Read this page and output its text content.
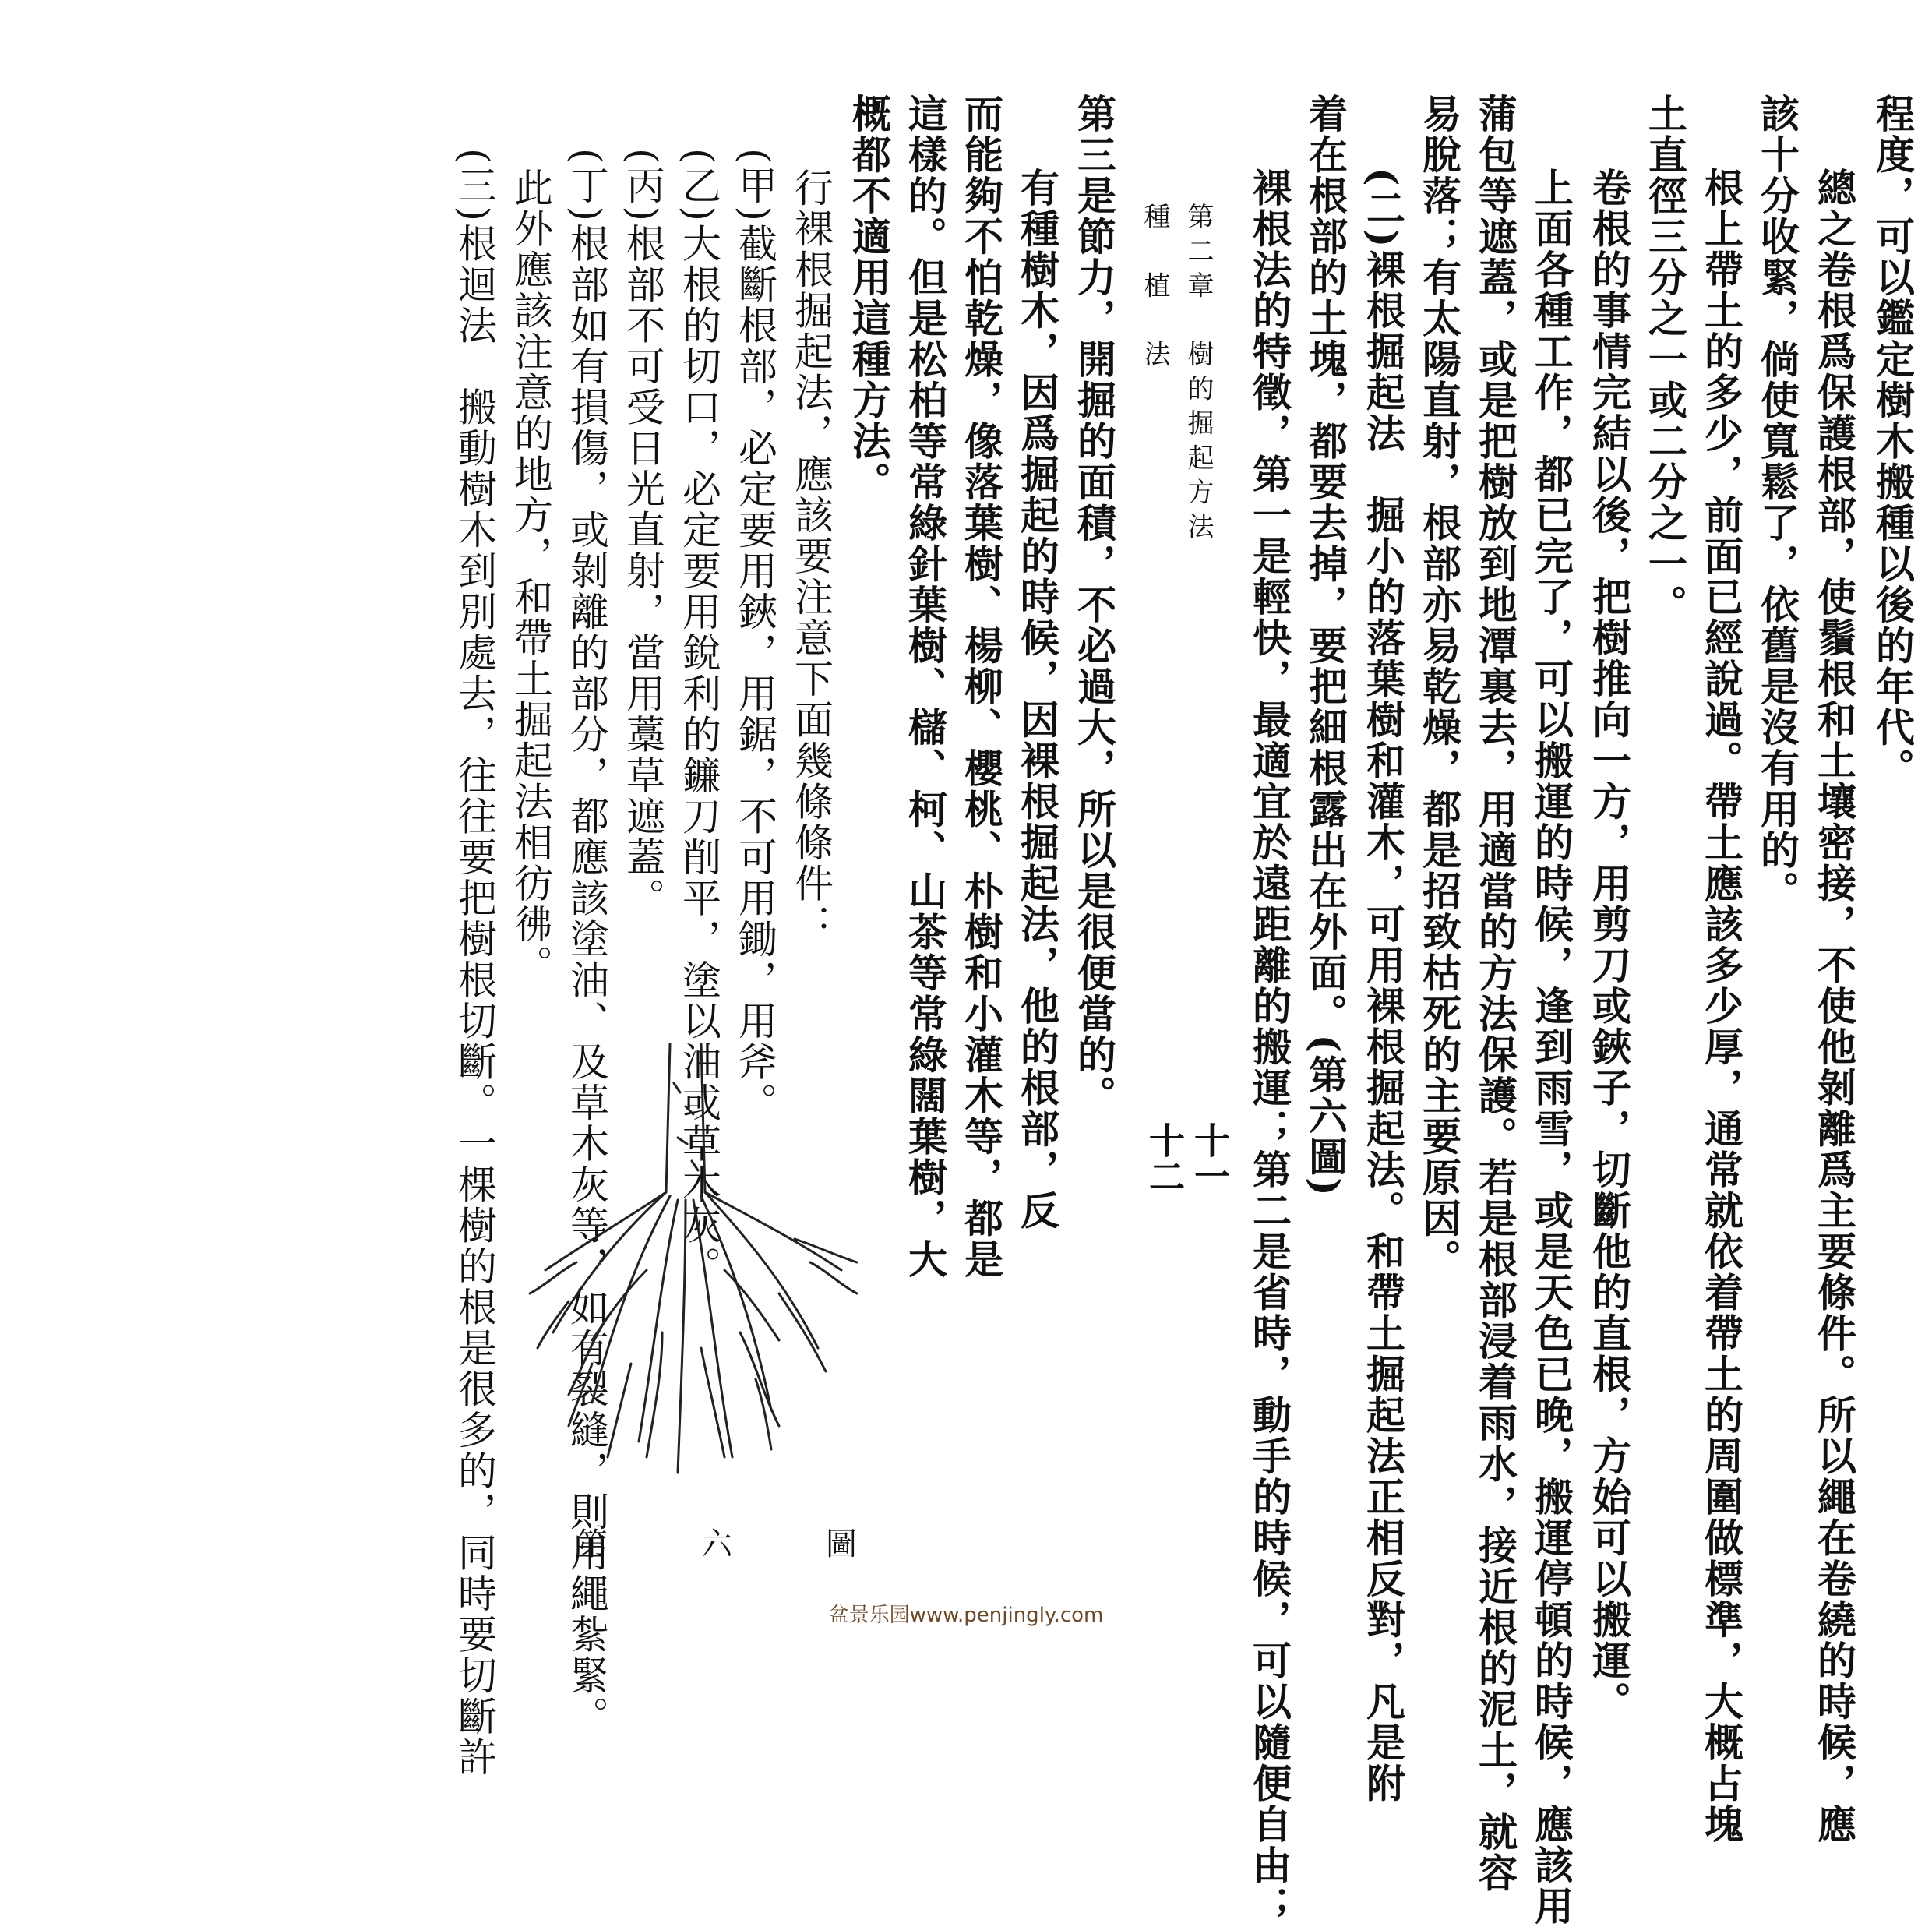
程度，可以鑑定樹木搬種以後的年代。
總之卷根爲保護根部，使鬚根和土壤密接，不使他剝離爲主要條件。所以繩在卷繞的時候，應
該十分收緊，倘使寬鬆了，依舊是沒有用的。
根上帶土的多少，前面已經說過。帶土應該多少厚，通常就依着帶土的周圍做標準，大概占塊
土直徑三分之一或二分之一。
卷根的事情完結以後，把樹推向一方，用剪刀或鋏子，切斷他的直根，方始可以搬運。
上面各種工作，都已完了，可以搬運的時候，逢到雨雪，或是天色已晚，搬運停頓的時候，應該用
蒲包等遮蓋，或是把樹放到地潭裏去，用適當的方法保護。若是根部浸着雨水，接近根的泥土，就容
易脫落；有太陽直射，根部亦易乾燥，都是招致枯死的主要原因。
(二)裸根掘起法　掘小的落葉樹和灌木，可用裸根掘起法。和帶土掘起法正相反對，凡是附
着在根部的土塊，都要去掉，要把細根露出在外面。(第六圖)
裸根法的特徵，第一是輕快，最適宜於遠距離的搬運；第二是省時，動手的時候，可以隨便自由；
第二章　樹的掘起方法
種　植　法
十一
十二
第三是節力，開掘的面積，不必過大，所以是很便當的。
有種樹木，因爲掘起的時候，因裸根掘起法，他的根部，反
而能夠不怕乾燥，像落葉樹、楊柳、櫻桃、朴樹和小灌木等，都是
這樣的。但是松柏等常綠針葉樹、櫧、柯、山茶等常綠闊葉樹，大
概都不適用這種方法。
行裸根掘起法，應該要注意下面幾條條件：
(甲)截斷根部，必定要用鋏，用鋸，不可用鋤，用斧。
(乙)大根的切口，必定要用銳利的鐮刀削平，塗以油或草木灰。
(丙)根部不可受日光直射，當用藁草遮蓋。
(丁)根部如有損傷，或剝離的部分，都應該塗油、及草木灰等，如有裂縫，則用繩紮緊。
此外應該注意的地方，和帶土掘起法相彷彿。
(三)根迴法　搬動樹木到別處去，往往要把樹根切斷。一棵樹的根是很多的，同時要切斷許	第六圖
盆景乐园www.penjingly.com
